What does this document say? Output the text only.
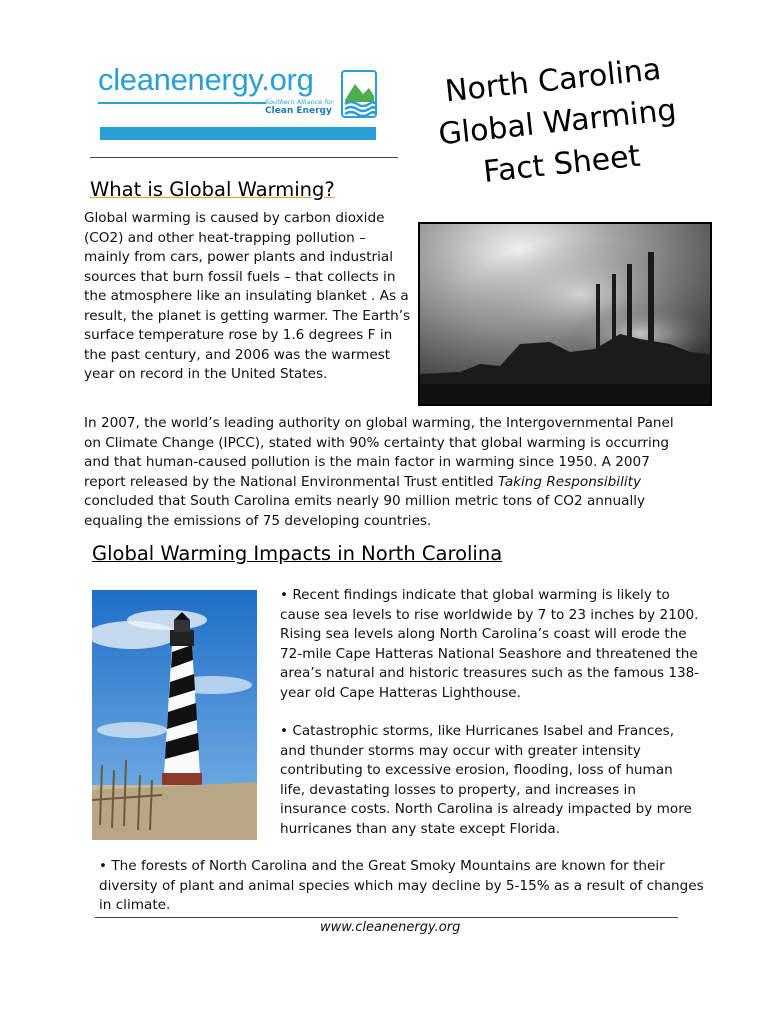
cleanenergy.org
Southern Alliance for
Clean Energy
North Carolina
Global Warming
Fact Sheet
What is Global Warming?
Global warming is caused by carbon dioxide (CO2) and other heat-trapping pollution – mainly from cars, power plants and industrial sources that burn fossil fuels – that collects in the atmosphere like an insulating blanket . As a result, the planet is getting warmer. The Earth’s surface temperature rose by 1.6 degrees F in the past century, and 2006 was the warmest year on record in the United States.
In 2007, the world’s leading authority on global warming, the Intergovernmental Panel on Climate Change (IPCC), stated with 90% certainty that global warming is occurring and that human-caused pollution is the main factor in warming since 1950. A 2007 report released by the National Environmental Trust entitled Taking Responsibility concluded that South Carolina emits nearly 90 million metric tons of CO2 annually equaling the emissions of 75 developing countries.
Global Warming Impacts in North Carolina
• Recent findings indicate that global warming is likely to cause sea levels to rise worldwide by 7 to 23 inches by 2100. Rising sea levels along North Carolina’s coast will erode the 72-mile Cape Hatteras National Seashore and threatened the area’s natural and historic treasures such as the famous 138-year old Cape Hatteras Lighthouse.
• Catastrophic storms, like Hurricanes Isabel and Frances, and thunder storms may occur with greater intensity contributing to excessive erosion, flooding, loss of human life, devastating losses to property, and increases in insurance costs. North Carolina is already impacted by more hurricanes than any state except Florida.
• The forests of North Carolina and the Great Smoky Mountains are known for their diversity of plant and animal species which may decline by 5-15% as a result of changes in climate.
www.cleanenergy.org
